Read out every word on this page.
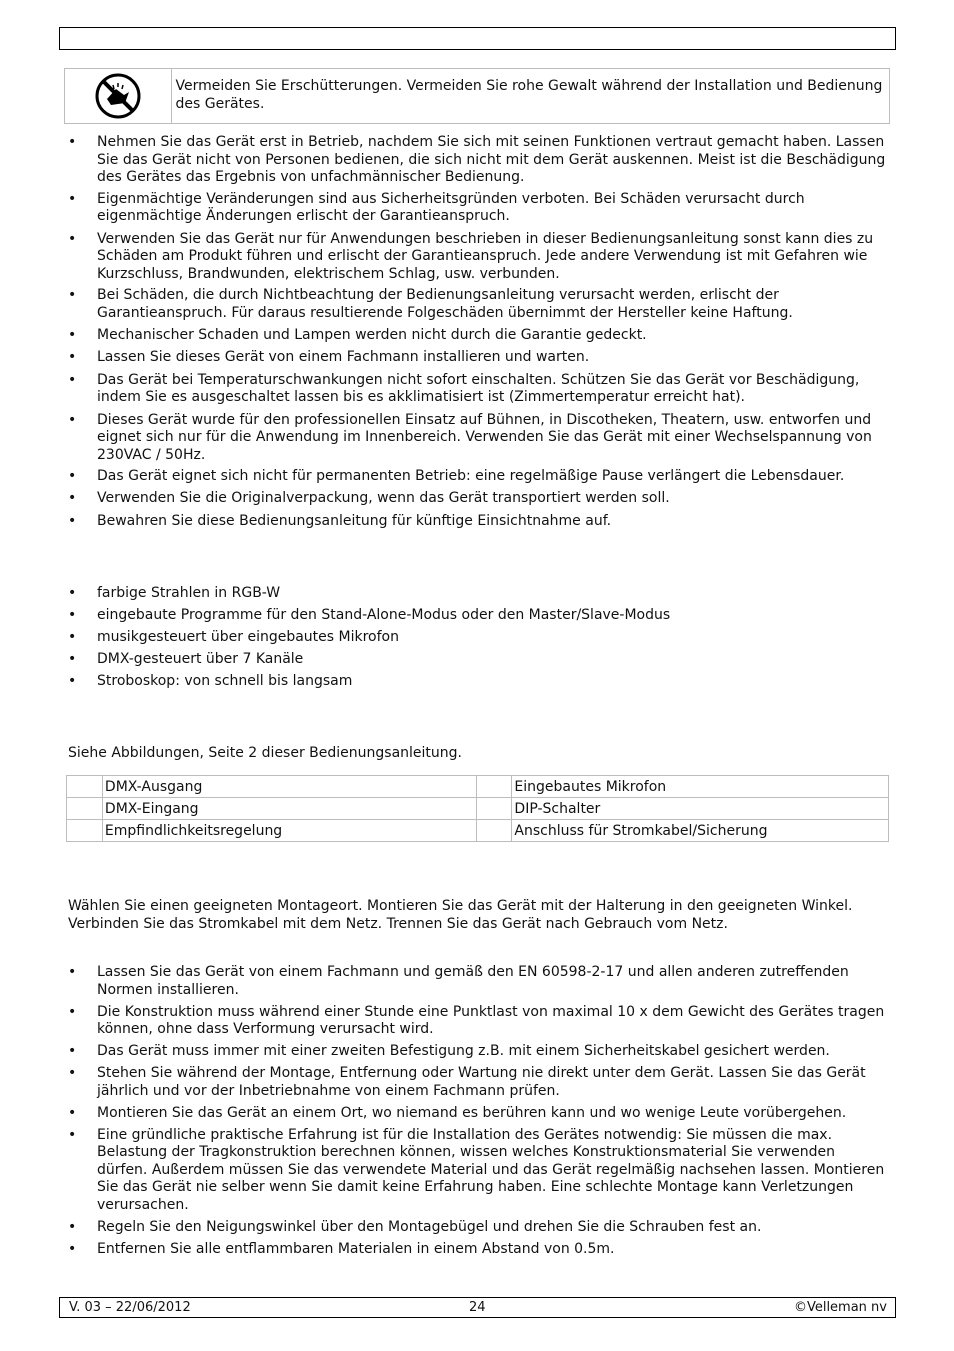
Vermeiden Sie Erschütterungen. Vermeiden Sie rohe Gewalt während der Installation und Bedienung des Gerätes.
• Nehmen Sie das Gerät erst in Betrieb, nachdem Sie sich mit seinen Funktionen vertraut gemacht haben. Lassen Sie das Gerät nicht von Personen bedienen, die sich nicht mit dem Gerät auskennen. Meist ist die Beschädigung des Gerätes das Ergebnis von unfachmännischer Bedienung.
• Eigenmächtige Veränderungen sind aus Sicherheitsgründen verboten. Bei Schäden verursacht durch eigenmächtige Änderungen erlischt der Garantieanspruch.
• Verwenden Sie das Gerät nur für Anwendungen beschrieben in dieser Bedienungsanleitung sonst kann dies zu Schäden am Produkt führen und erlischt der Garantieanspruch. Jede andere Verwendung ist mit Gefahren wie Kurzschluss, Brandwunden, elektrischem Schlag, usw. verbunden.
• Bei Schäden, die durch Nichtbeachtung der Bedienungsanleitung verursacht werden, erlischt der Garantieanspruch. Für daraus resultierende Folgeschäden übernimmt der Hersteller keine Haftung.
• Mechanischer Schaden und Lampen werden nicht durch die Garantie gedeckt.
• Lassen Sie dieses Gerät von einem Fachmann installieren und warten.
• Das Gerät bei Temperaturschwankungen nicht sofort einschalten. Schützen Sie das Gerät vor Beschädigung, indem Sie es ausgeschaltet lassen bis es akklimatisiert ist (Zimmertemperatur erreicht hat).
• Dieses Gerät wurde für den professionellen Einsatz auf Bühnen, in Discotheken, Theatern, usw. entworfen und eignet sich nur für die Anwendung im Innenbereich. Verwenden Sie das Gerät mit einer Wechselspannung von 230VAC / 50Hz.
• Das Gerät eignet sich nicht für permanenten Betrieb: eine regelmäßige Pause verlängert die Lebensdauer.
• Verwenden Sie die Originalverpackung, wenn das Gerät transportiert werden soll.
• Bewahren Sie diese Bedienungsanleitung für künftige Einsichtnahme auf.
• farbige Strahlen in RGB-W
• eingebaute Programme für den Stand-Alone-Modus oder den Master/Slave-Modus
• musikgesteuert über eingebautes Mikrofon
• DMX-gesteuert über 7 Kanäle
• Stroboskop: von schnell bis langsam

Siehe Abbildungen, Seite 2 dieser Bedienungsanleitung.

	DMX-Ausgang		Eingebautes Mikrofon
	DMX-Eingang		DIP-Schalter
	Empfindlichkeitsregelung		Anschluss für Stromkabel/Sicherung

Wählen Sie einen geeigneten Montageort. Montieren Sie das Gerät mit der Halterung in den geeigneten Winkel. Verbinden Sie das Stromkabel mit dem Netz. Trennen Sie das Gerät nach Gebrauch vom Netz.

• Lassen Sie das Gerät von einem Fachmann und gemäß den EN 60598-2-17 und allen anderen zutreffenden Normen installieren.
• Die Konstruktion muss während einer Stunde eine Punktlast von maximal 10 x dem Gewicht des Gerätes tragen können, ohne dass Verformung verursacht wird.
• Das Gerät muss immer mit einer zweiten Befestigung z.B. mit einem Sicherheitskabel gesichert werden.
• Stehen Sie während der Montage, Entfernung oder Wartung nie direkt unter dem Gerät. Lassen Sie das Gerät jährlich und vor der Inbetriebnahme von einem Fachmann prüfen.
• Montieren Sie das Gerät an einem Ort, wo niemand es berühren kann und wo wenige Leute vorübergehen.
• Eine gründliche praktische Erfahrung ist für die Installation des Gerätes notwendig: Sie müssen die max. Belastung der Tragkonstruktion berechnen können, wissen welches Konstruktionsmaterial Sie verwenden dürfen. Außerdem müssen Sie das verwendete Material und das Gerät regelmäßig nachsehen lassen. Montieren Sie das Gerät nie selber wenn Sie damit keine Erfahrung haben. Eine schlechte Montage kann Verletzungen verursachen.
• Regeln Sie den Neigungswinkel über den Montagebügel und drehen Sie die Schrauben fest an.
• Entfernen Sie alle entflammbaren Materialen in einem Abstand von 0.5m.
V. 03 – 22/06/2012	24	©Velleman nv
